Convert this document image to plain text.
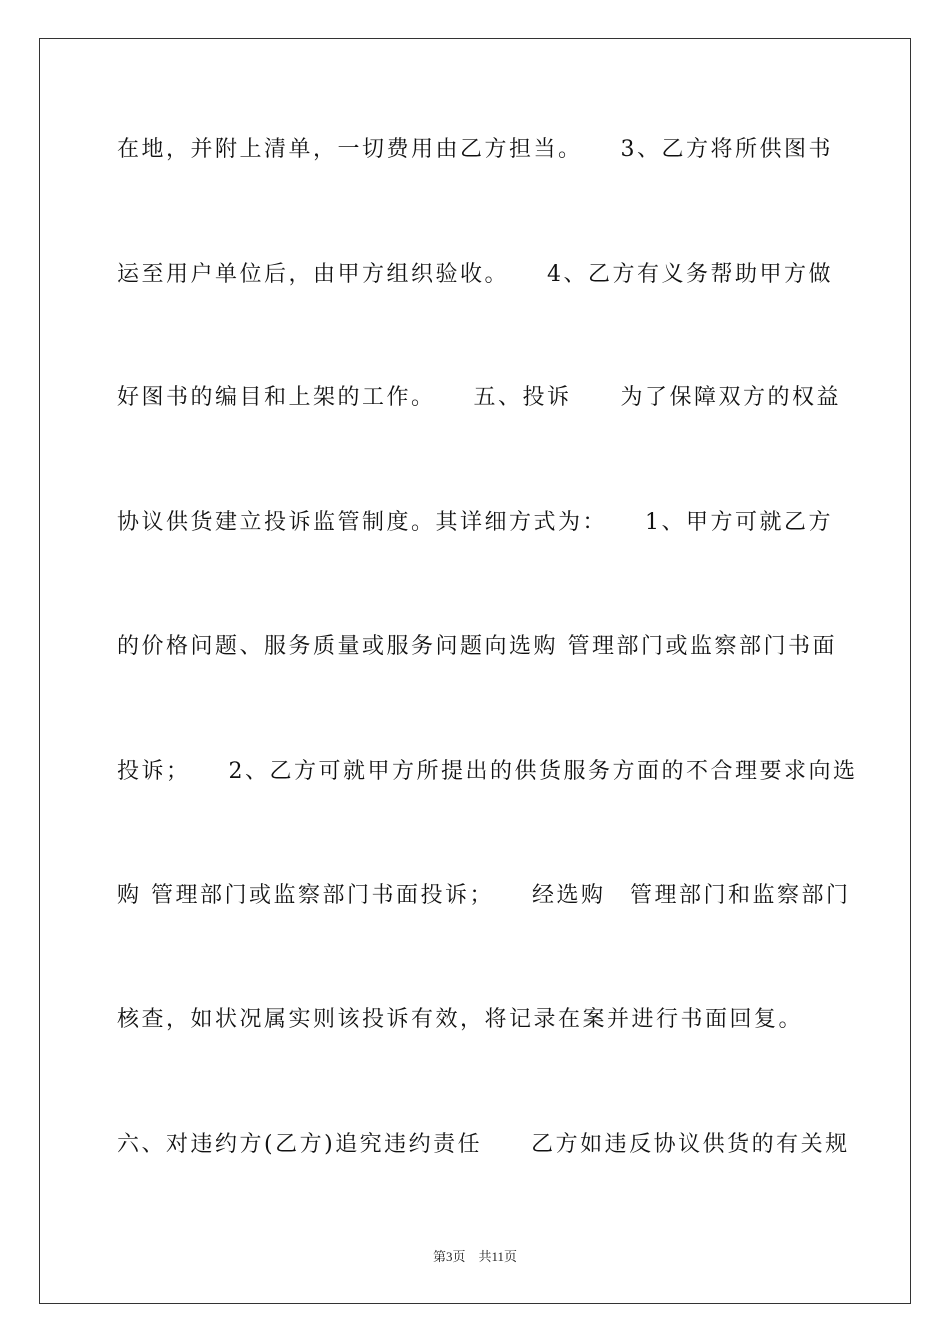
在地，并附上清单，一切费用由乙方担当。　　3、乙方将所供图书
运至用户单位后，由甲方组织验收。　　4、乙方有义务帮助甲方做
好图书的编目和上架的工作。　　五、投诉　　为了保障双方的权益
协议供货建立投诉监管制度。其详细方式为：　　1、甲方可就乙方
的价格问题、服务质量或服务问题向选购 管理部门或监察部门书面
投诉；　　2、乙方可就甲方所提出的供货服务方面的不合理要求向选
购 管理部门或监察部门书面投诉；　　经选购　管理部门和监察部门
核查，如状况属实则该投诉有效，将记录在案并进行书面回复。
六、对违约方(乙方)追究违约责任　　乙方如违反协议供货的有关规
第3页　共11页
